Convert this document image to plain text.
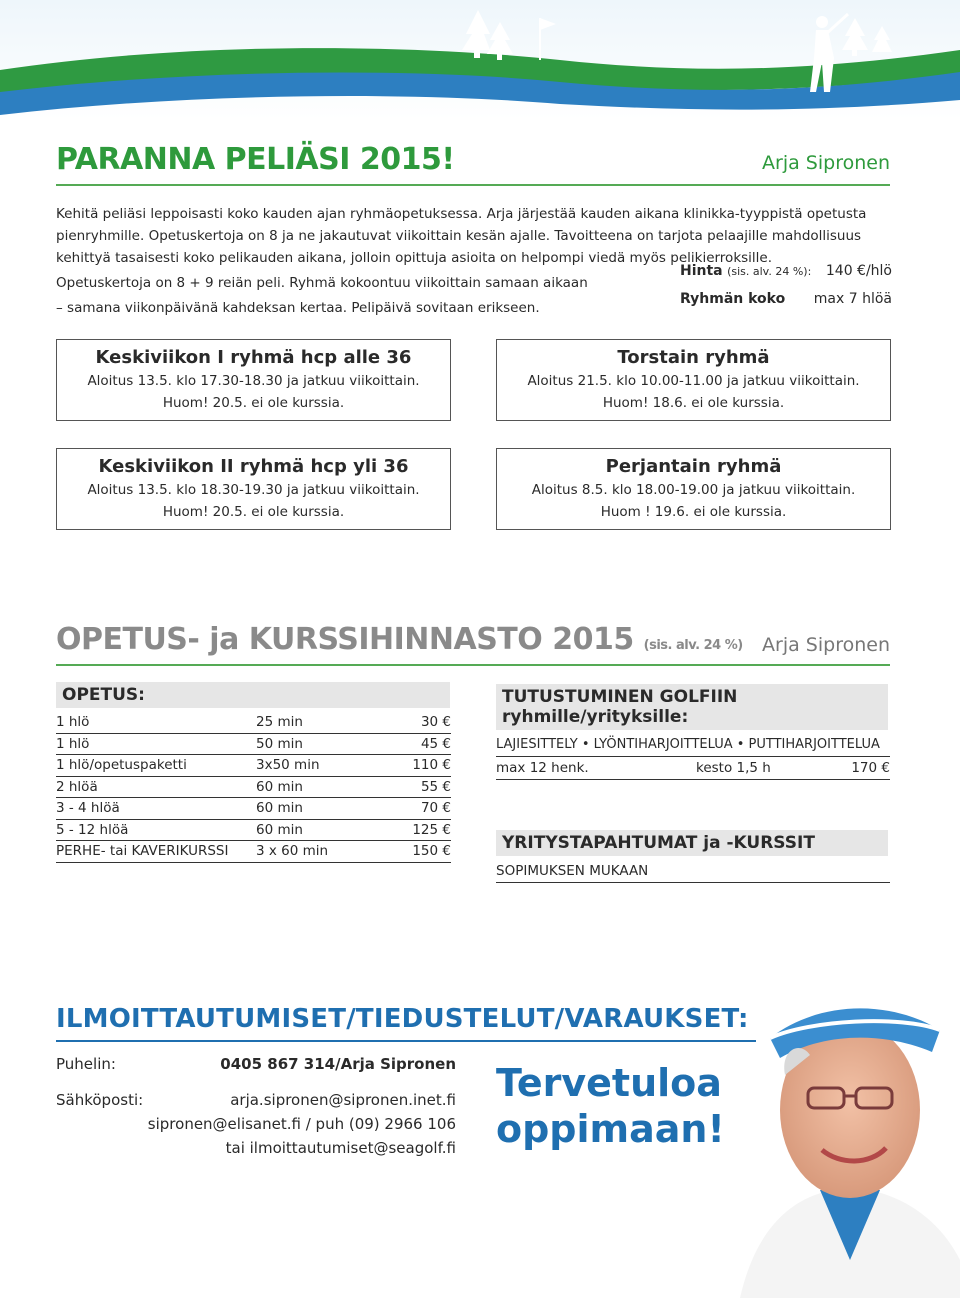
PARANNA PELIÄSI 2015!	Arja Sipronen

Kehitä peliäsi leppoisasti koko kauden ajan ryhmäopetuksessa. Arja järjestää kauden aikana klinikka-tyyppistä opetusta pienryhmille. Opetuskertoja on 8 ja ne jakautuvat viikoittain kesän ajalle. Tavoitteena on tarjota pelaajille mahdollisuus kehittyä tasaisesti koko pelikauden aikana, jolloin opittuja asioita on helpompi viedä myös pelikierroksille.

Opetuskertoja on 8 + 9 reiän peli. Ryhmä kokoontuu viikoittain samaan aikaan

– samana viikonpäivänä kahdeksan kertaa. Pelipäivä sovitaan erikseen.

Hinta (sis. alv. 24 %): 140 €/hlö
Ryhmän koko max 7 hlöä
Keskiviikon I ryhmä hcp alle 36
Aloitus 13.5. klo 17.30-18.30 ja jatkuu viikoittain.
Huom! 20.5. ei ole kurssia.
Torstain ryhmä
Aloitus 21.5. klo 10.00-11.00 ja jatkuu viikoittain.
Huom! 18.6. ei ole kurssia.
Keskiviikon II ryhmä hcp yli 36
Aloitus 13.5. klo 18.30-19.30 ja jatkuu viikoittain.
Huom! 20.5. ei ole kurssia.
Perjantain ryhmä
Aloitus 8.5. klo 18.00-19.00 ja jatkuu viikoittain.
Huom ! 19.6. ei ole kurssia.
OPETUS- ja KURSSIHINNASTO 2015 (sis. alv. 24 %) Arja Sipronen
OPETUS:
1 hlö	25 min	30 €
1 hlö	50 min	45 €
1 hlö/opetuspaketti	3x50 min	110 €
2 hlöä	60 min	55 €
3 - 4 hlöä	60 min	70 €
5 - 12 hlöä	60 min	125 €
PERHE- tai KAVERIKURSSI	3 x 60 min	150 €
TUTUSTUMINEN GOLFIIN ryhmille/yrityksille:
LAJIESITTELY • LYÖNTIHARJOITTELUA • PUTTIHARJOITTELUA
max 12 henk.	kesto 1,5 h	170 €
YRITYSTAPAHTUMAT ja -KURSSIT
SOPIMUKSEN MUKAAN
ILMOITTAUTUMISET/TIEDUSTELUT/VARAUKSET:
Puhelin:	0405 867 314/Arja Sipronen
Sähköposti:	arja.sipronen@sipronen.inet.fi
sipronen@elisanet.fi / puh (09) 2966 106
tai ilmoittautumiset@seagolf.fi
Tervetuloa
oppimaan!
